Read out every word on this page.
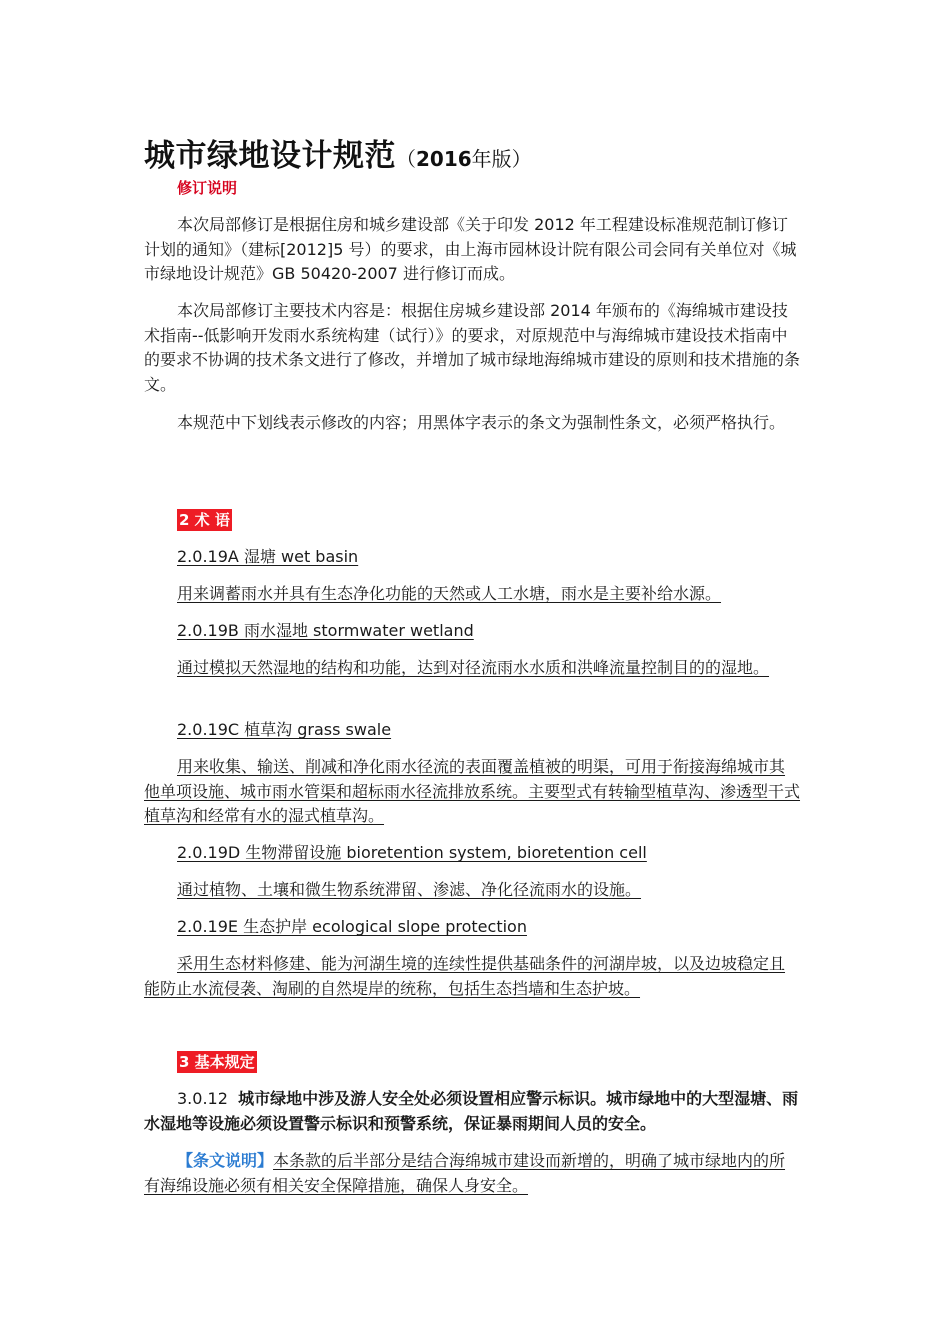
城市绿地设计规范（2016年版）
修订说明

本次局部修订是根据住房和城乡建设部《关于印发 2012 年工程建设标准规范制订修订计划的通知》（建标[2012]5 号）的要求，由上海市园林设计院有限公司会同有关单位对《城市绿地设计规范》GB 50420-2007 进行修订而成。

本次局部修订主要技术内容是：根据住房城乡建设部 2014 年颁布的《海绵城市建设技术指南--低影响开发雨水系统构建（试行）》的要求，对原规范中与海绵城市建设技术指南中的要求不协调的技术条文进行了修改，并增加了城市绿地海绵城市建设的原则和技术措施的条文。

本规范中下划线表示修改的内容；用黑体字表示的条文为强制性条文，必须严格执行。

2 术 语
2.0.19A 湿塘 wet basin

用来调蓄雨水并具有生态净化功能的天然或人工水塘，雨水是主要补给水源。

2.0.19B 雨水湿地 stormwater wetland

通过模拟天然湿地的结构和功能，达到对径流雨水水质和洪峰流量控制目的的湿地。

2.0.19C 植草沟 grass swale

用来收集、输送、削减和净化雨水径流的表面覆盖植被的明渠，可用于衔接海绵城市其他单项设施、城市雨水管渠和超标雨水径流排放系统。主要型式有转输型植草沟、渗透型干式植草沟和经常有水的湿式植草沟。

2.0.19D 生物滞留设施 bioretention system, bioretention cell

通过植物、土壤和微生物系统滞留、渗滤、净化径流雨水的设施。

2.0.19E 生态护岸 ecological slope protection

采用生态材料修建、能为河湖生境的连续性提供基础条件的河湖岸坡，以及边坡稳定且能防止水流侵袭、淘刷的自然堤岸的统称，包括生态挡墙和生态护坡。

3 基本规定

3.0.12 城市绿地中涉及游人安全处必须设置相应警示标识。城市绿地中的大型湿塘、雨水湿地等设施必须设置警示标识和预警系统，保证暴雨期间人员的安全。

【条文说明】本条款的后半部分是结合海绵城市建设而新增的，明确了城市绿地内的所有海绵设施必须有相关安全保障措施，确保人身安全。
